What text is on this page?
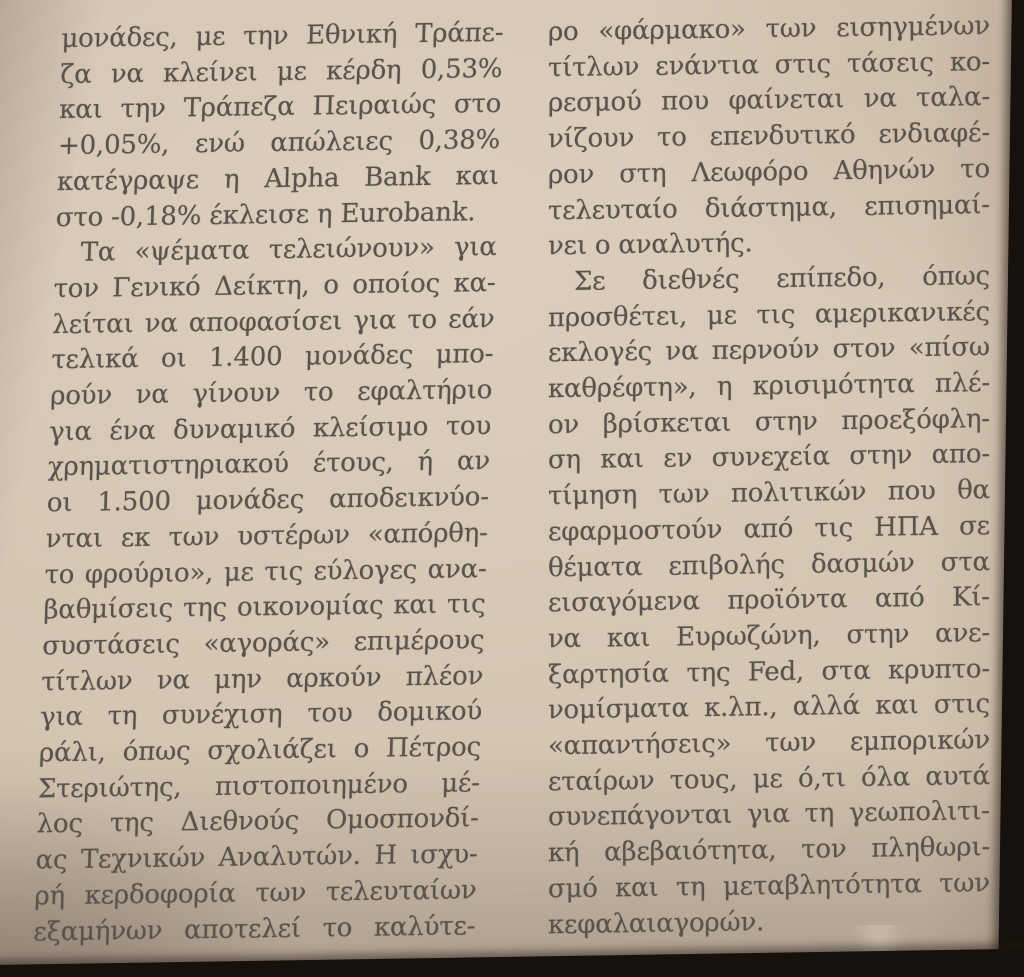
μονάδες, με την Εθνική Τράπε-
ζα να κλείνει με κέρδη 0,53%
και την Τράπεζα Πειραιώς στο
+0,05%, ενώ απώλειες 0,38%
κατέγραψε η Alpha Bank και
στο -0,18% έκλεισε η Eurobank.
Τα «ψέματα τελειώνουν» για
τον Γενικό Δείκτη, ο οποίος κα-
λείται να αποφασίσει για το εάν
τελικά οι 1.400 μονάδες μπο-
ρούν να γίνουν το εφαλτήριο
για ένα δυναμικό κλείσιμο του
χρηματιστηριακού έτους, ή αν
οι 1.500 μονάδες αποδεικνύο-
νται εκ των υστέρων «απόρθη-
το φρούριο», με τις εύλογες ανα-
βαθμίσεις της οικονομίας και τις
συστάσεις «αγοράς» επιμέρους
τίτλων να μην αρκούν πλέον
για τη συνέχιση του δομικού
ράλι, όπως σχολιάζει ο Πέτρος
Στεριώτης, πιστοποιημένο μέ-
λος της Διεθνούς Ομοσπονδί-
ας Τεχνικών Αναλυτών. Η ισχυ-
ρή κερδοφορία των τελευταίων
εξαμήνων αποτελεί το καλύτε-
ρο «φάρμακο» των εισηγμένων
τίτλων ενάντια στις τάσεις κο-
ρεσμού που φαίνεται να ταλα-
νίζουν το επενδυτικό ενδιαφέ-
ρον στη Λεωφόρο Αθηνών το
τελευταίο διάστημα, επισημαί-
νει ο αναλυτής.
Σε διεθνές επίπεδο, όπως
προσθέτει, με τις αμερικανικές
εκλογές να περνούν στον «πίσω
καθρέφτη», η κρισιμότητα πλέ-
ον βρίσκεται στην προεξόφλη-
ση και εν συνεχεία στην απο-
τίμηση των πολιτικών που θα
εφαρμοστούν από τις ΗΠΑ σε
θέματα επιβολής δασμών στα
εισαγόμενα προϊόντα από Κί-
να και Ευρωζώνη, στην ανε-
ξαρτησία της Fed, στα κρυπτο-
νομίσματα κ.λπ., αλλά και στις
«απαντήσεις» των εμπορικών
εταίρων τους, με ό,τι όλα αυτά
συνεπάγονται για τη γεωπολιτι-
κή αβεβαιότητα, τον πληθωρι-
σμό και τη μεταβλητότητα των
κεφαλαιαγορών.
